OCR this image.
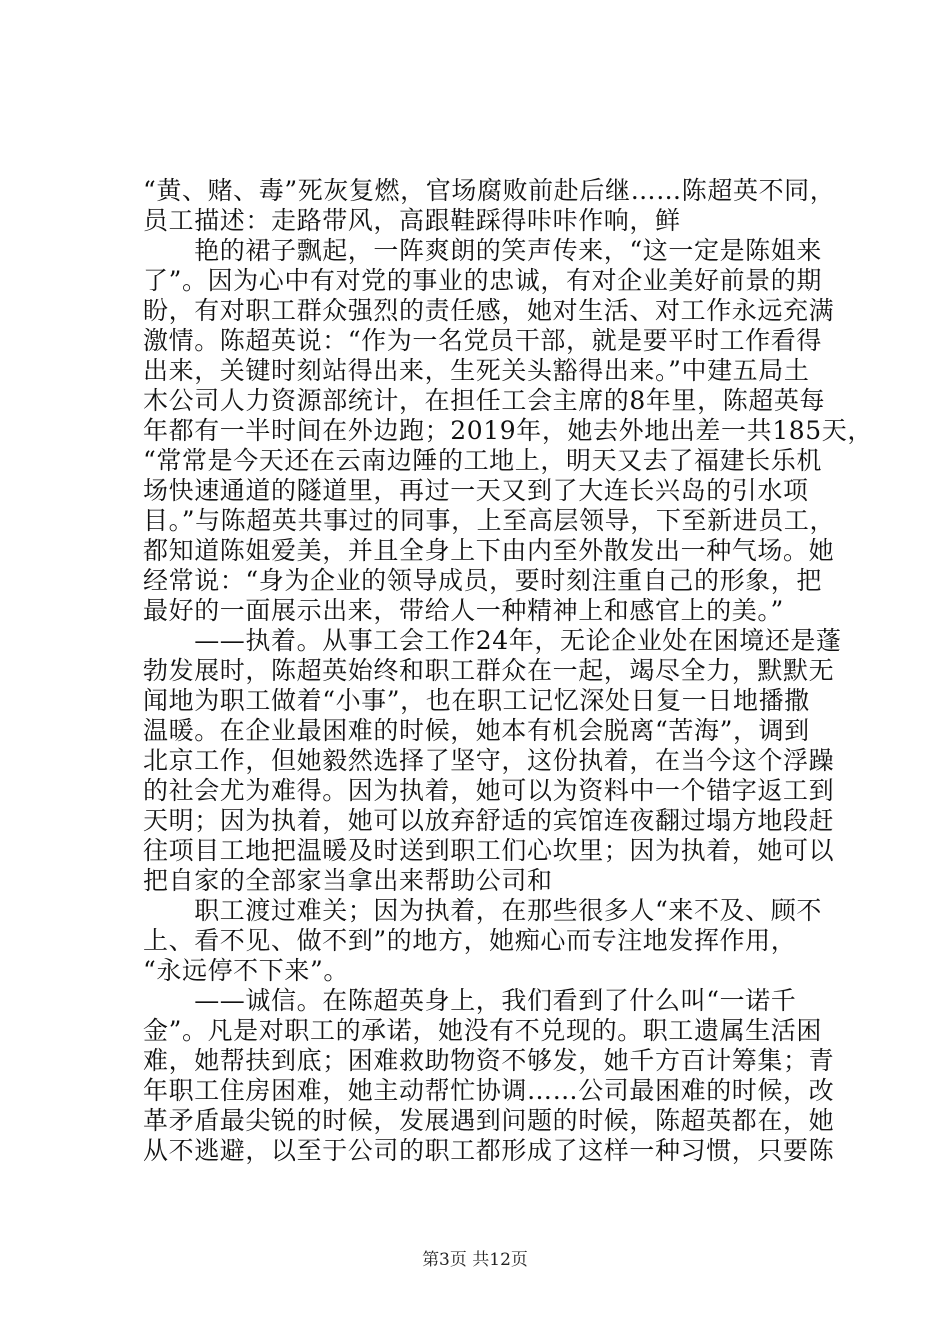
“黄、赌、毒”死灰复燃，官场腐败前赴后继……陈超英不同，
员工描述：走路带风，高跟鞋踩得咔咔作响，鲜
　　艳的裙子飘起，一阵爽朗的笑声传来，“这一定是陈姐来
了”。因为心中有对党的事业的忠诚，有对企业美好前景的期
盼，有对职工群众强烈的责任感，她对生活、对工作永远充满
激情。陈超英说：“作为一名党员干部，就是要平时工作看得
出来，关键时刻站得出来，生死关头豁得出来。”中建五局土
木公司人力资源部统计，在担任工会主席的8年里，陈超英每
年都有一半时间在外边跑；2019年，她去外地出差一共185天，
“常常是今天还在云南边陲的工地上，明天又去了福建长乐机
场快速通道的隧道里，再过一天又到了大连长兴岛的引水项
目。”与陈超英共事过的同事，上至高层领导，下至新进员工，
都知道陈姐爱美，并且全身上下由内至外散发出一种气场。她
经常说：“身为企业的领导成员，要时刻注重自己的形象，把
最好的一面展示出来，带给人一种精神上和感官上的美。”
　　——执着。从事工会工作24年，无论企业处在困境还是蓬
勃发展时，陈超英始终和职工群众在一起，竭尽全力，默默无
闻地为职工做着“小事”，也在职工记忆深处日复一日地播撒
温暖。在企业最困难的时候，她本有机会脱离“苦海”，调到
北京工作，但她毅然选择了坚守，这份执着，在当今这个浮躁
的社会尤为难得。因为执着，她可以为资料中一个错字返工到
天明；因为执着，她可以放弃舒适的宾馆连夜翻过塌方地段赶
往项目工地把温暖及时送到职工们心坎里；因为执着，她可以
把自家的全部家当拿出来帮助公司和
　　职工渡过难关；因为执着，在那些很多人“来不及、顾不
上、看不见、做不到”的地方，她痴心而专注地发挥作用，
“永远停不下来”。
　　——诚信。在陈超英身上，我们看到了什么叫“一诺千
金”。凡是对职工的承诺，她没有不兑现的。职工遗属生活困
难，她帮扶到底；困难救助物资不够发，她千方百计筹集；青
年职工住房困难，她主动帮忙协调……公司最困难的时候，改
革矛盾最尖锐的时候，发展遇到问题的时候，陈超英都在，她
从不逃避，以至于公司的职工都形成了这样一种习惯，只要陈
第3页 共12页
